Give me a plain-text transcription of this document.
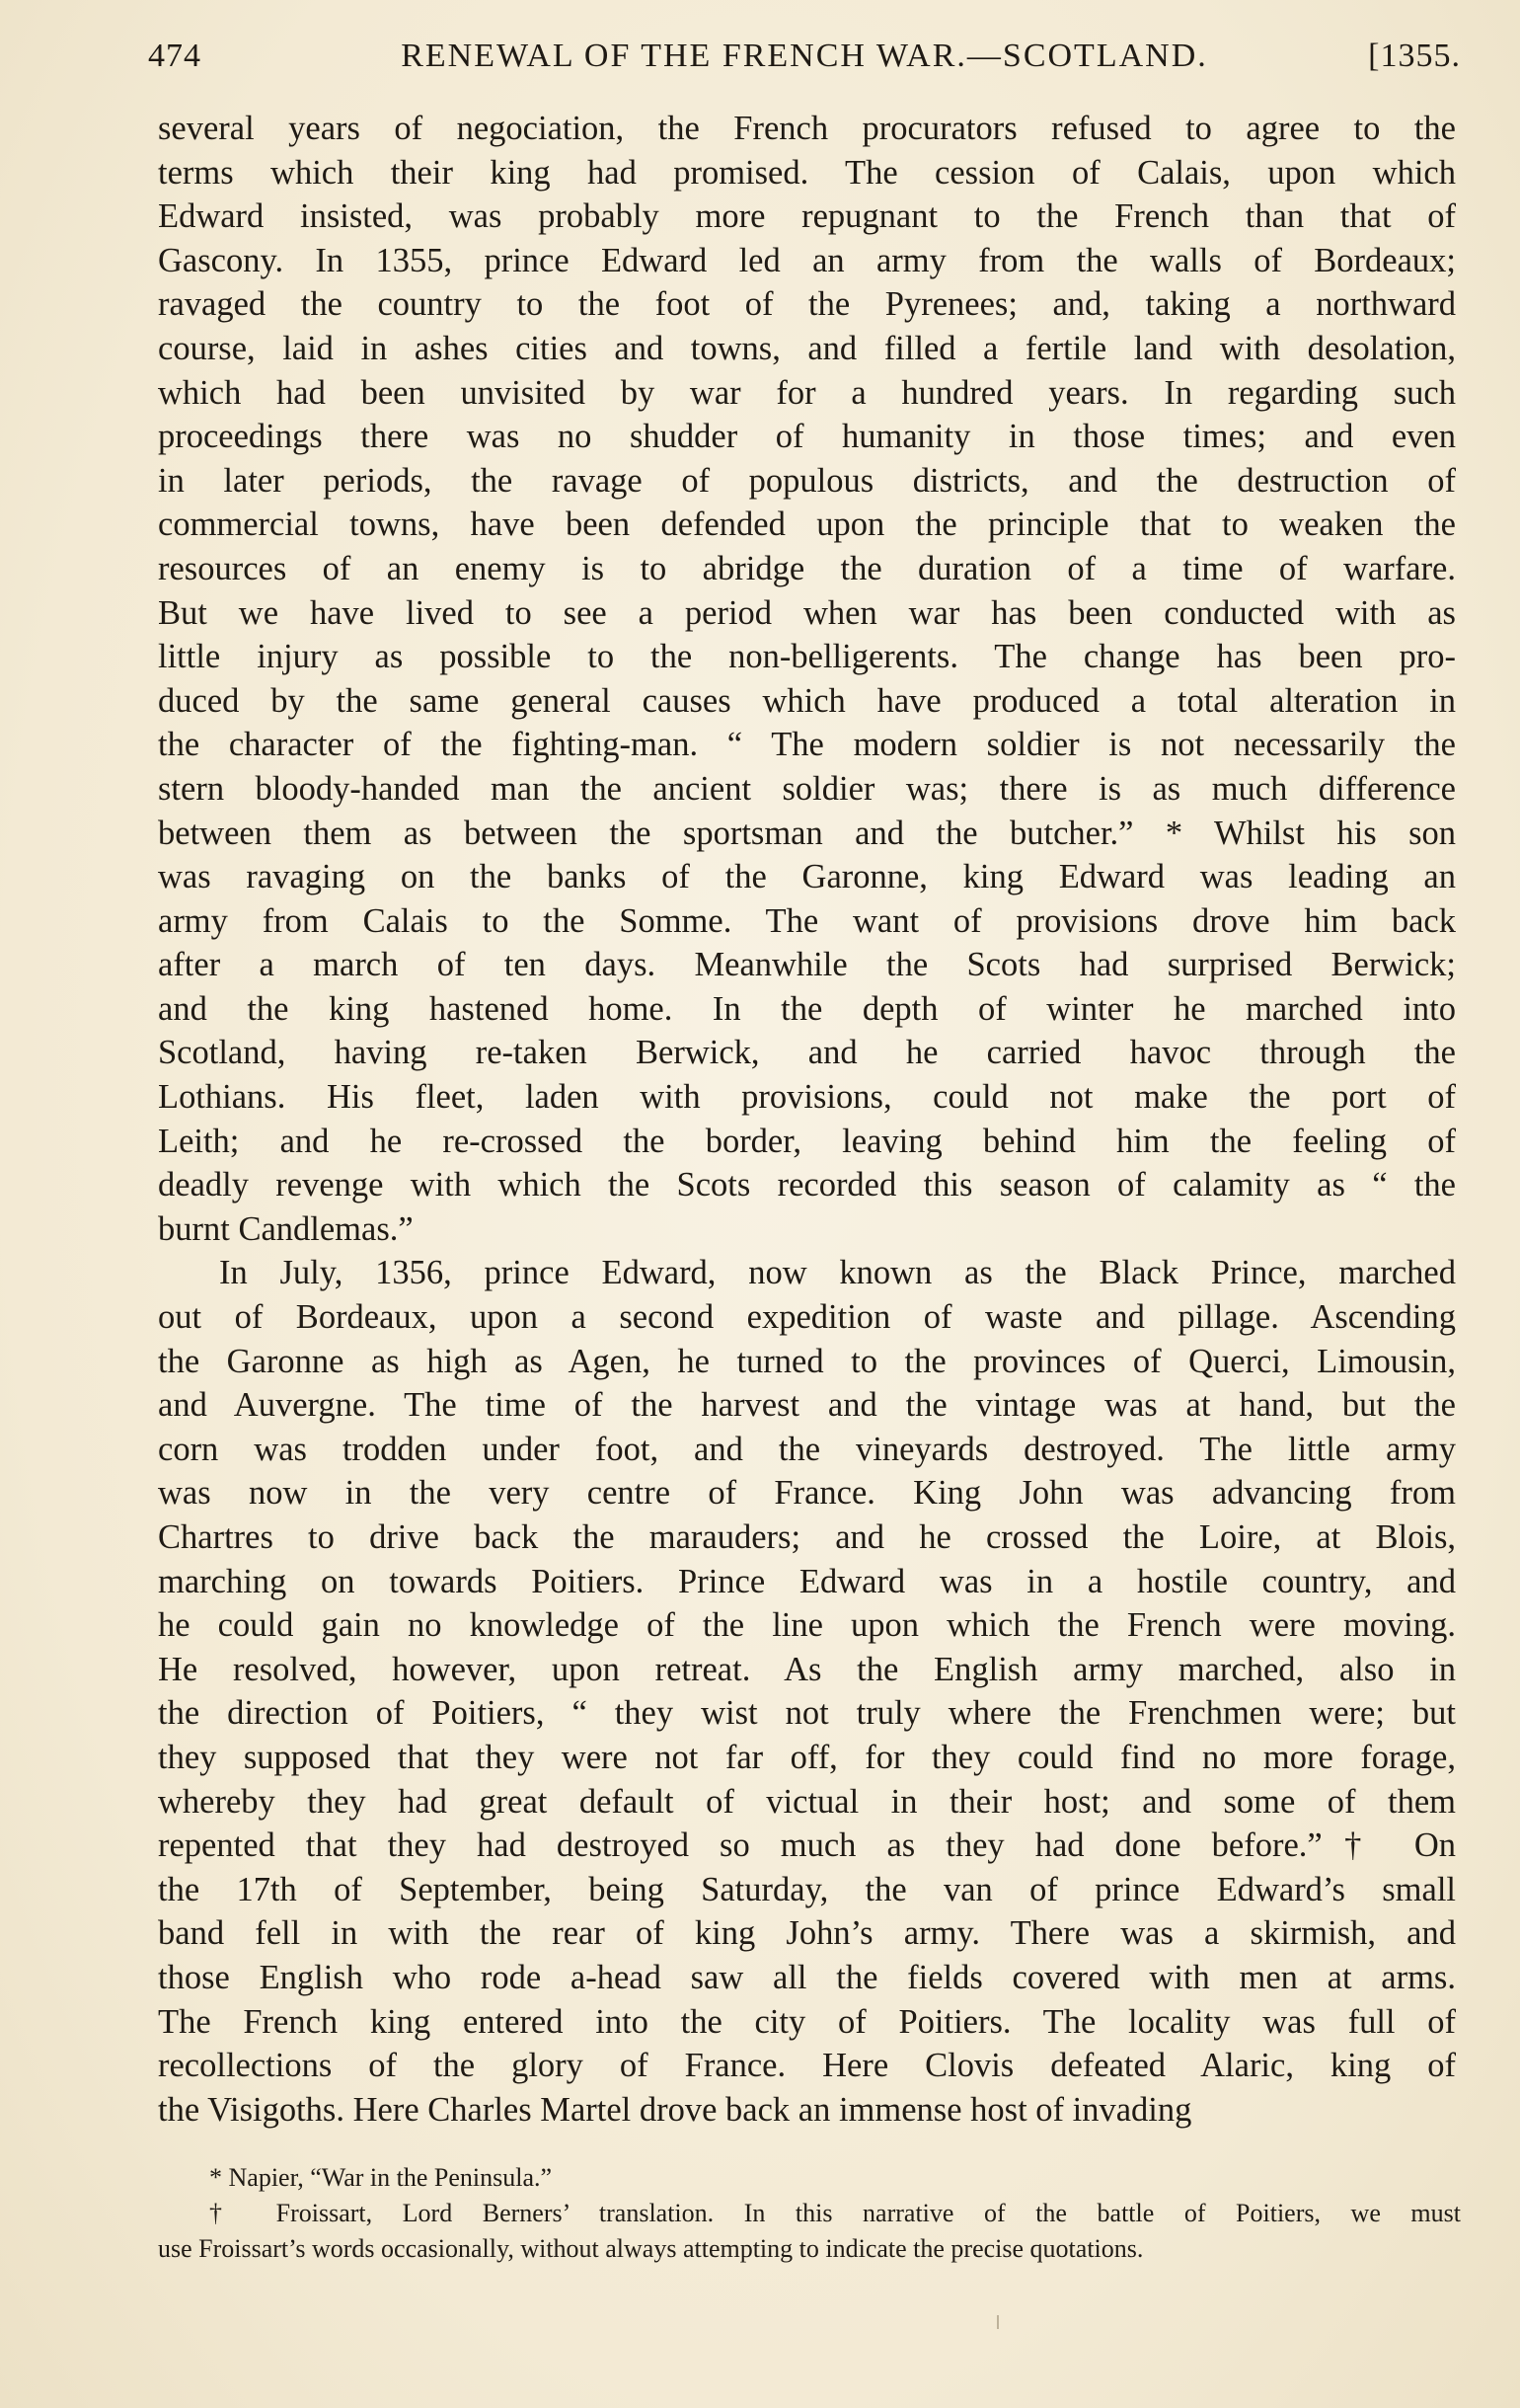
474	RENEWAL OF THE FRENCH WAR.—SCOTLAND.	[1355.

several years of negociation, the French procurators refused to agree to the
terms which their king had promised. The cession of Calais, upon which
Edward insisted, was probably more repugnant to the French than that of
Gascony. In 1355, prince Edward led an army from the walls of Bordeaux;
ravaged the country to the foot of the Pyrenees; and, taking a northward
course, laid in ashes cities and towns, and filled a fertile land with desolation,
which had been unvisited by war for a hundred years. In regarding such
proceedings there was no shudder of humanity in those times; and even
in later periods, the ravage of populous districts, and the destruction of
commercial towns, have been defended upon the principle that to weaken the
resources of an enemy is to abridge the duration of a time of warfare.
But we have lived to see a period when war has been conducted with as
little injury as possible to the non-belligerents. The change has been pro-
duced by the same general causes which have produced a total alteration in
the character of the fighting-man. “ The modern soldier is not necessarily the
stern bloody-handed man the ancient soldier was; there is as much difference
between them as between the sportsman and the butcher.” * Whilst his son
was ravaging on the banks of the Garonne, king Edward was leading an
army from Calais to the Somme. The want of provisions drove him back
after a march of ten days. Meanwhile the Scots had surprised Berwick;
and the king hastened home. In the depth of winter he marched into
Scotland, having re-taken Berwick, and he carried havoc through the
Lothians. His fleet, laden with provisions, could not make the port of
Leith; and he re-crossed the border, leaving behind him the feeling of
deadly revenge with which the Scots recorded this season of calamity as “ the
burnt Candlemas.”

In July, 1356, prince Edward, now known as the Black Prince, marched
out of Bordeaux, upon a second expedition of waste and pillage. Ascending
the Garonne as high as Agen, he turned to the provinces of Querci, Limousin,
and Auvergne. The time of the harvest and the vintage was at hand, but the
corn was trodden under foot, and the vineyards destroyed. The little army
was now in the very centre of France. King John was advancing from
Chartres to drive back the marauders; and he crossed the Loire, at Blois,
marching on towards Poitiers. Prince Edward was in a hostile country, and
he could gain no knowledge of the line upon which the French were moving.
He resolved, however, upon retreat. As the English army marched, also in
the direction of Poitiers, “ they wist not truly where the Frenchmen were; but
they supposed that they were not far off, for they could find no more forage,
whereby they had great default of victual in their host; and some of them
repented that they had destroyed so much as they had done before.”† On
the 17th of September, being Saturday, the van of prince Edward’s small
band fell in with the rear of king John’s army. There was a skirmish, and
those English who rode a-head saw all the fields covered with men at arms.
The French king entered into the city of Poitiers. The locality was full of
recollections of the glory of France. Here Clovis defeated Alaric, king of
the Visigoths. Here Charles Martel drove back an immense host of invading

* Napier, “War in the Peninsula.”

† Froissart, Lord Berners’ translation. In this narrative of the battle of Poitiers, we must
use Froissart’s words occasionally, without always attempting to indicate the precise quotations.
